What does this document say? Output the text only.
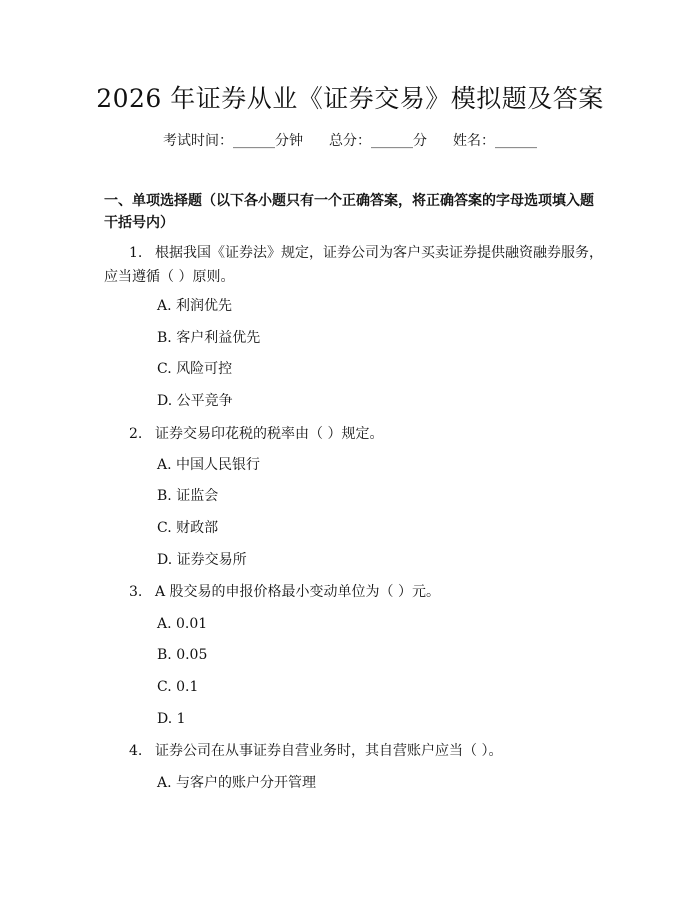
2026 年证券从业《证券交易》模拟题及答案
考试时间：______分钟 总分：______分 姓名：______
一、单项选择题（以下各小题只有一个正确答案，将正确答案的字母选项填入题干括号内）
1. 根据我国《证券法》规定，证券公司为客户买卖证券提供融资融券服务，应当遵循（ ）原则。
A. 利润优先
B. 客户利益优先
C. 风险可控
D. 公平竞争
2. 证券交易印花税的税率由（ ）规定。
A. 中国人民银行
B. 证监会
C. 财政部
D. 证券交易所
3. A 股交易的申报价格最小变动单位为（ ）元。
A. 0.01
B. 0.05
C. 0.1
D. 1
4. 证券公司在从事证券自营业务时，其自营账户应当（ ）。
A. 与客户的账户分开管理
